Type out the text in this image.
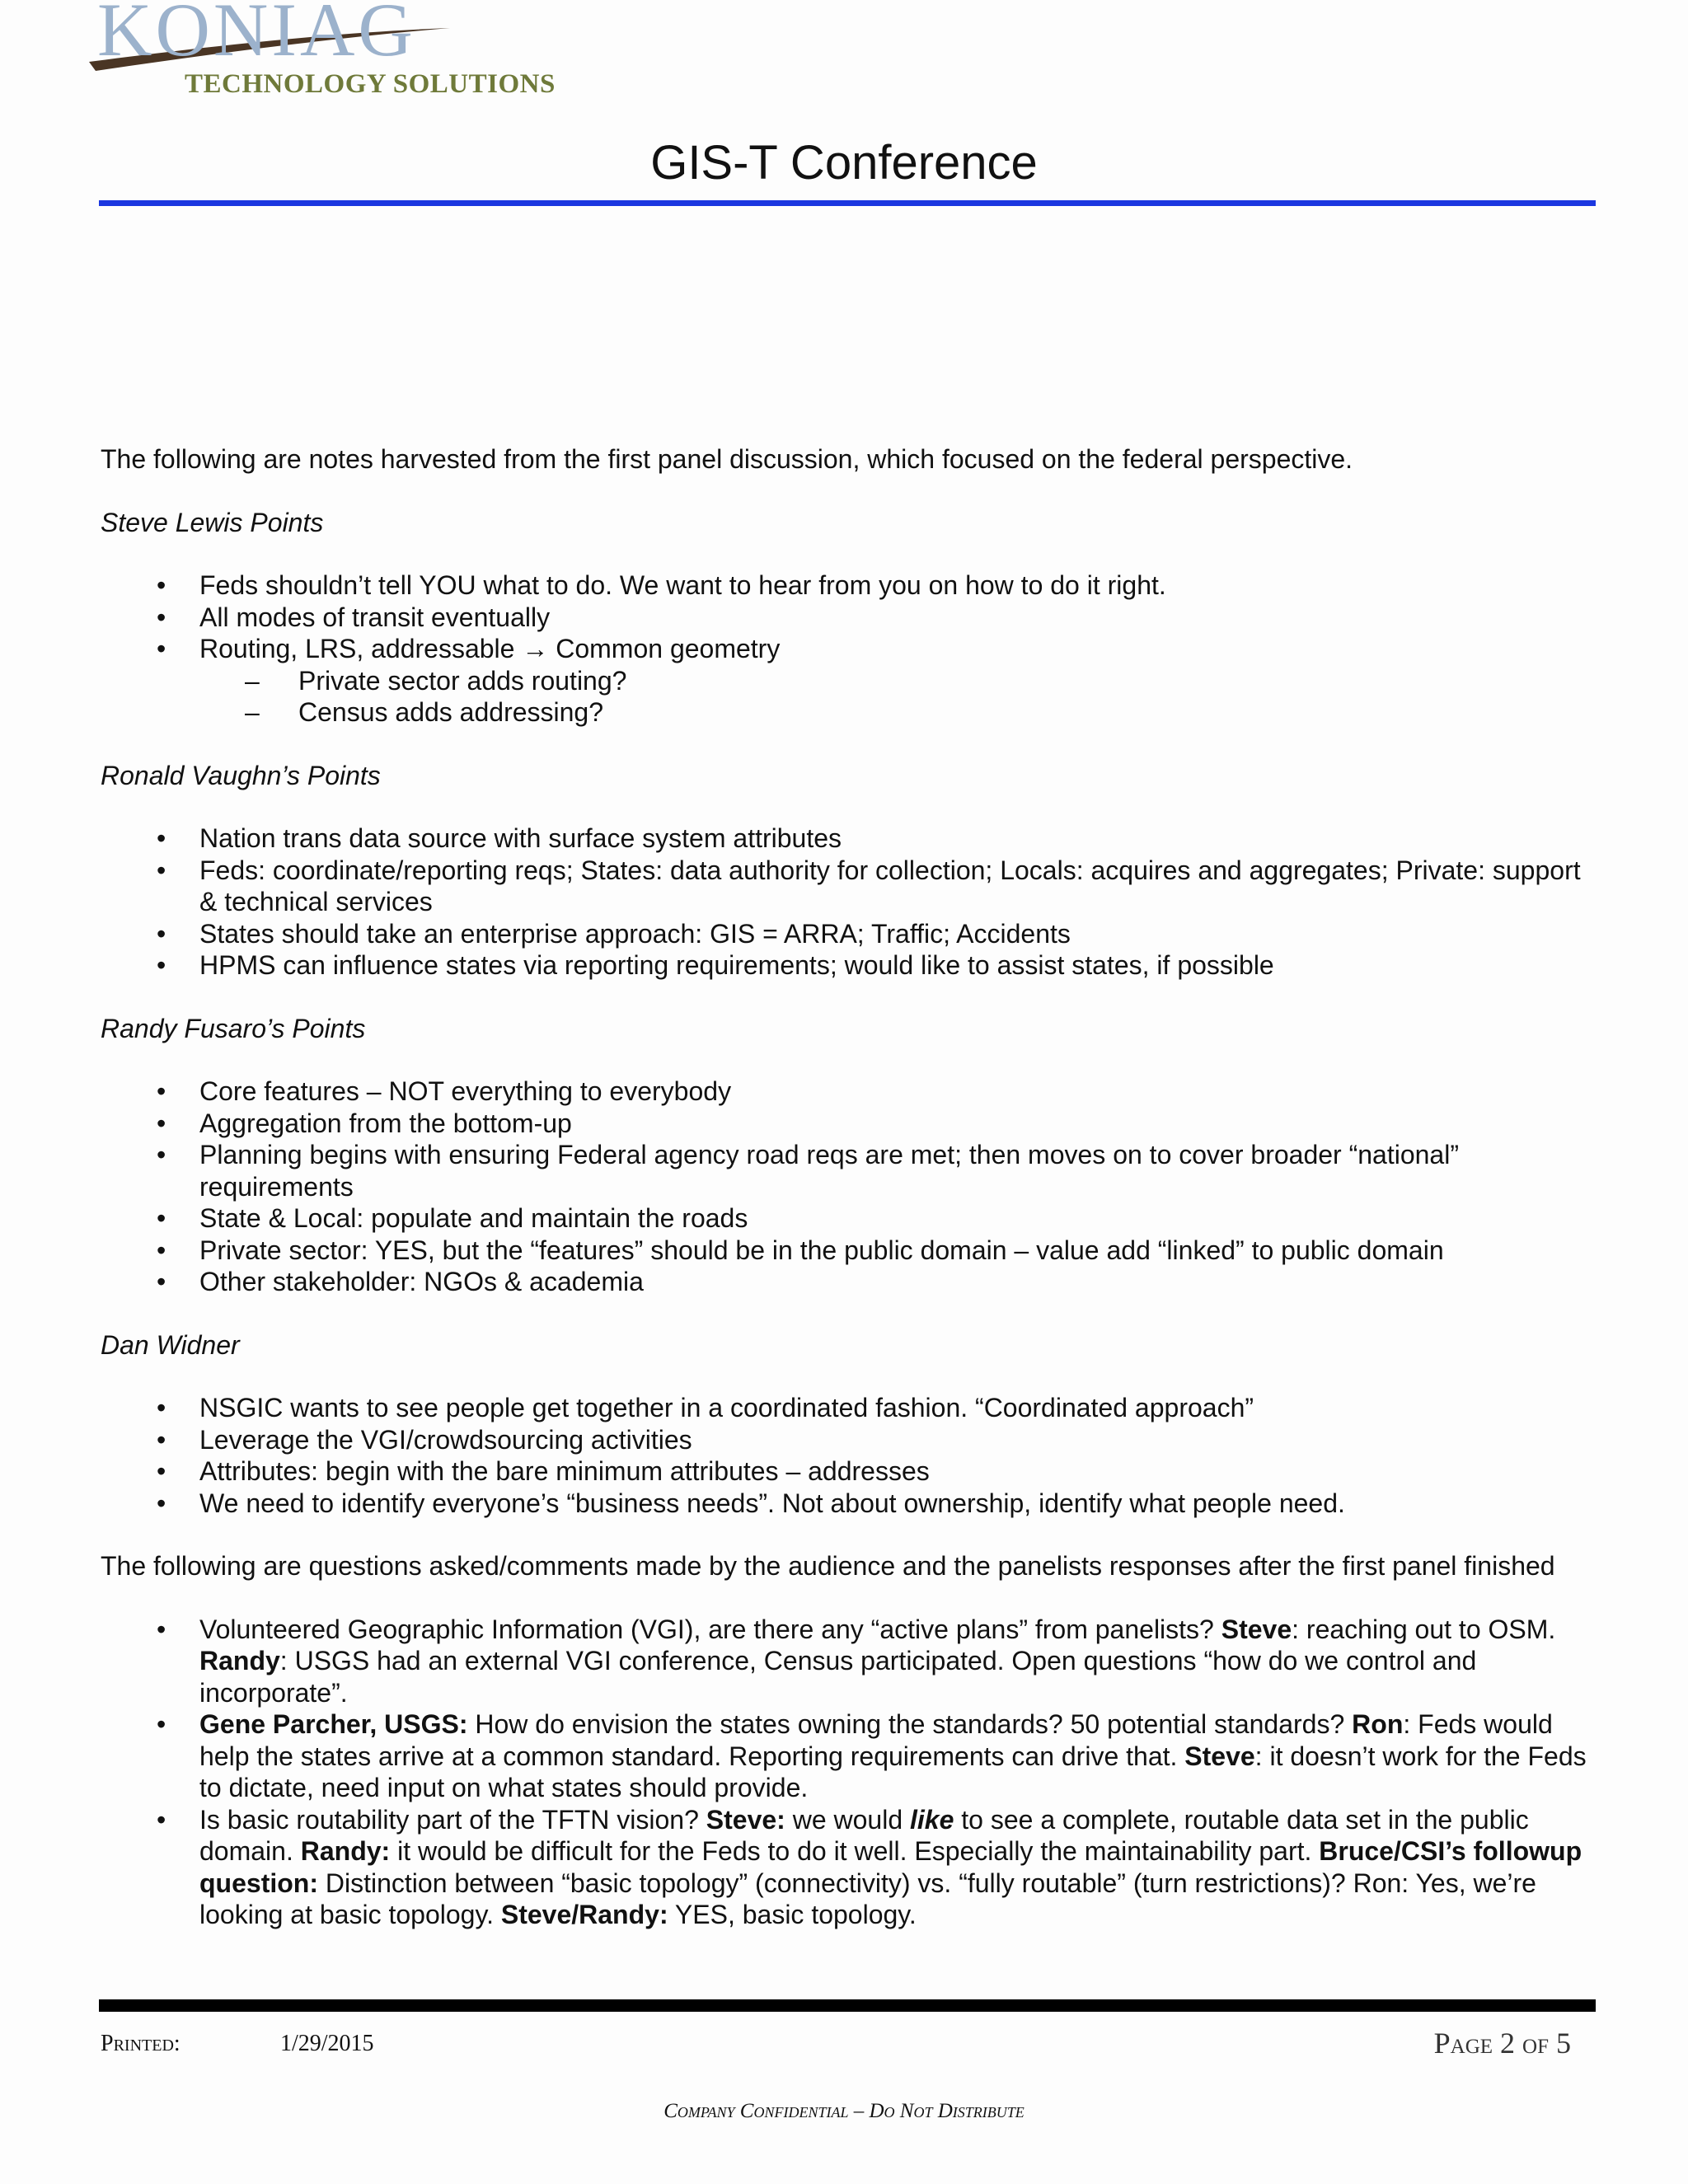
KONIAG
TECHNOLOGY SOLUTIONS
GIS-T Conference

The following are notes harvested from the first panel discussion, which focused on the federal perspective.

Steve Lewis Points
• Feds shouldn’t tell YOU what to do. We want to hear from you on how to do it right.
• All modes of transit eventually
• Routing, LRS, addressable → Common geometry
– Private sector adds routing?
– Census adds addressing?
Ronald Vaughn’s Points
• Nation trans data source with surface system attributes
• Feds: coordinate/reporting reqs; States: data authority for collection; Locals: acquires and aggregates; Private: support & technical services
• States should take an enterprise approach: GIS = ARRA; Traffic; Accidents
• HPMS can influence states via reporting requirements; would like to assist states, if possible
Randy Fusaro’s Points
• Core features – NOT everything to everybody
• Aggregation from the bottom-up
• Planning begins with ensuring Federal agency road reqs are met; then moves on to cover broader “national” requirements
• State & Local: populate and maintain the roads
• Private sector: YES, but the “features” should be in the public domain – value add “linked” to public domain
• Other stakeholder: NGOs & academia
Dan Widner
• NSGIC wants to see people get together in a coordinated fashion. “Coordinated approach”
• Leverage the VGI/crowdsourcing activities
• Attributes: begin with the bare minimum attributes – addresses
• We need to identify everyone’s “business needs”. Not about ownership, identify what people need.

The following are questions asked/comments made by the audience and the panelists responses after the first panel finished

• Volunteered Geographic Information (VGI), are there any “active plans” from panelists? Steve: reaching out to OSM. Randy: USGS had an external VGI conference, Census participated. Open questions “how do we control and incorporate”.
• Gene Parcher, USGS: How do envision the states owning the standards? 50 potential standards? Ron: Feds would help the states arrive at a common standard. Reporting requirements can drive that. Steve: it doesn’t work for the Feds to dictate, need input on what states should provide.
• Is basic routability part of the TFTN vision? Steve: we would like to see a complete, routable data set in the public domain. Randy: it would be difficult for the Feds to do it well. Especially the maintainability part. Bruce/CSI’s followup question: Distinction between “basic topology” (connectivity) vs. “fully routable” (turn restrictions)? Ron: Yes, we’re looking at basic topology. Steve/Randy: YES, basic topology.
Printed:	1/29/2015	Page 2 of 5
Company Confidential – Do Not Distribute
